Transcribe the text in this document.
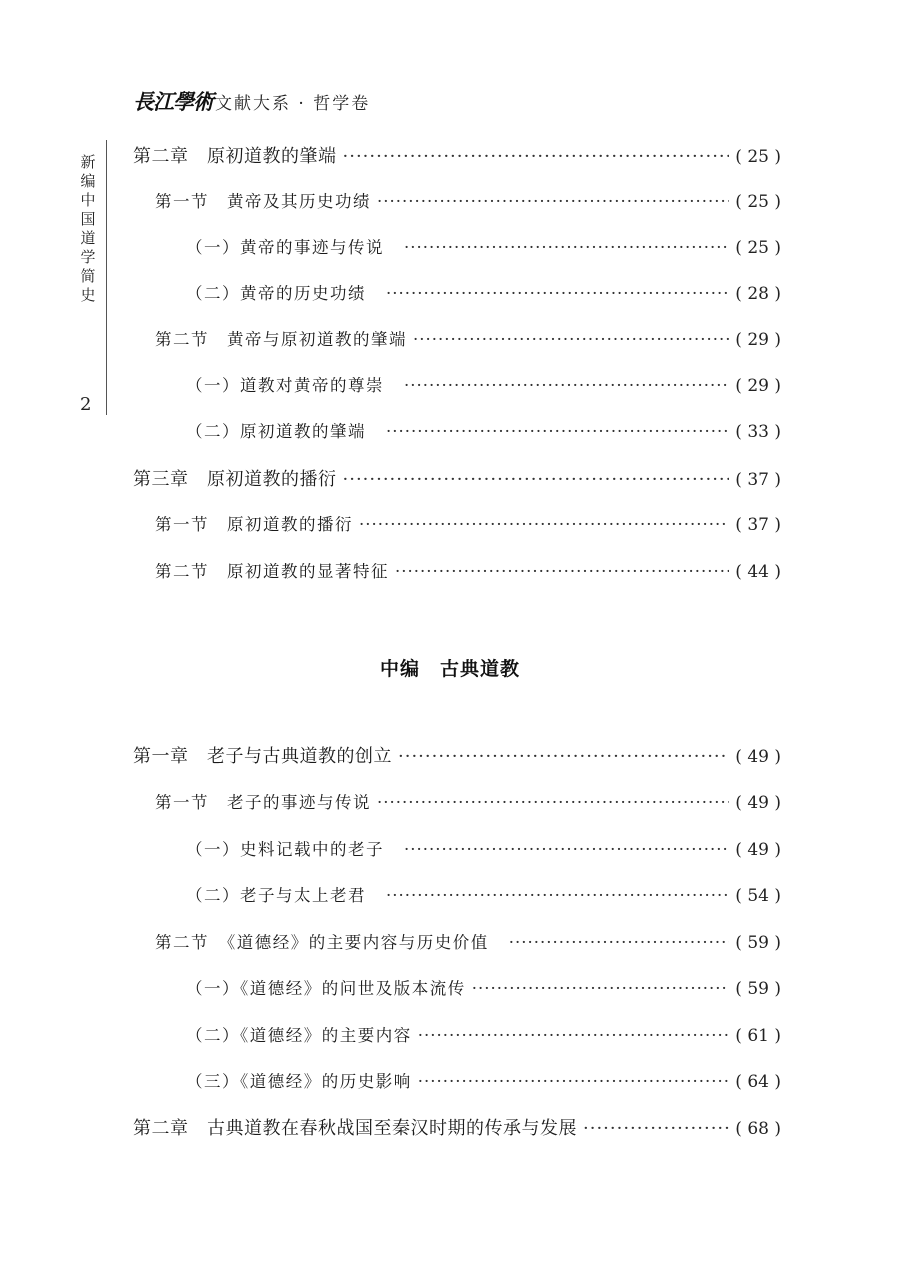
長江學術 文献大系 · 哲学卷
新编中国道学简史
2
第二章　原初道教的肇端 ·····	( 25 )
第一节　黄帝及其历史功绩 ·····	( 25 )
（一）黄帝的事迹与传说 ·····	( 25 )
（二）黄帝的历史功绩 ·····	( 28 )
第二节　黄帝与原初道教的肇端 ·····	( 29 )
（一）道教对黄帝的尊崇 ·····	( 29 )
（二）原初道教的肇端 ·····	( 33 )
第三章　原初道教的播衍 ·····	( 37 )
第一节　原初道教的播衍 ·····	( 37 )
第二节　原初道教的显著特征 ·····	( 44 )
中编　古典道教
第一章　老子与古典道教的创立 ·····	( 49 )
第一节　老子的事迹与传说 ·····	( 49 )
（一）史料记载中的老子 ·····	( 49 )
（二）老子与太上老君 ·····	( 54 )
第二节　《道德经》的主要内容与历史价值 ·····	( 59 )
（一）《道德经》的问世及版本流传 ·····	( 59 )
（二）《道德经》的主要内容 ·····	( 61 )
（三）《道德经》的历史影响 ·····	( 64 )
第二章　古典道教在春秋战国至秦汉时期的传承与发展 ·····	( 68 )
